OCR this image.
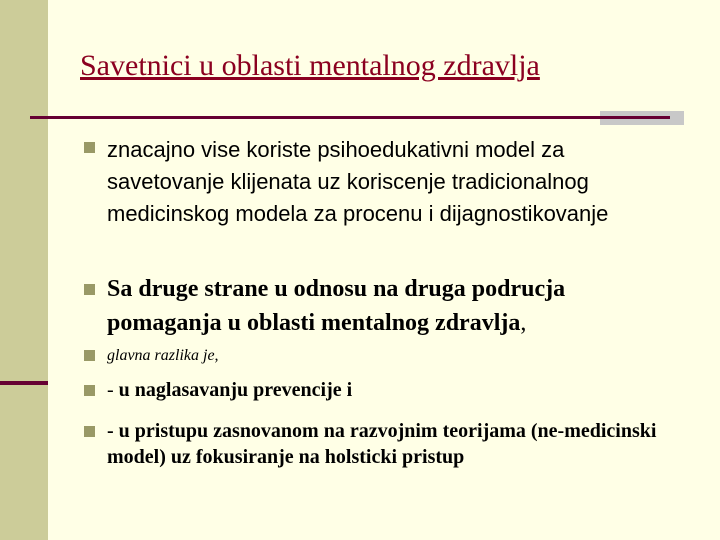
Savetnici u oblasti mentalnog zdravlja
znacajno vise koriste psihoedukativni model za savetovanje klijenata uz koriscenje tradicionalnog medicinskog modela za procenu i dijagnostikovanje
Sa druge strane u odnosu na druga podrucja pomaganja u oblasti mentalnog zdravlja,
glavna razlika je,
- u naglasavanju prevencije i
- u pristupu zasnovanom na razvojnim teorijama (ne-medicinski model) uz fokusiranje na holsticki pristup
